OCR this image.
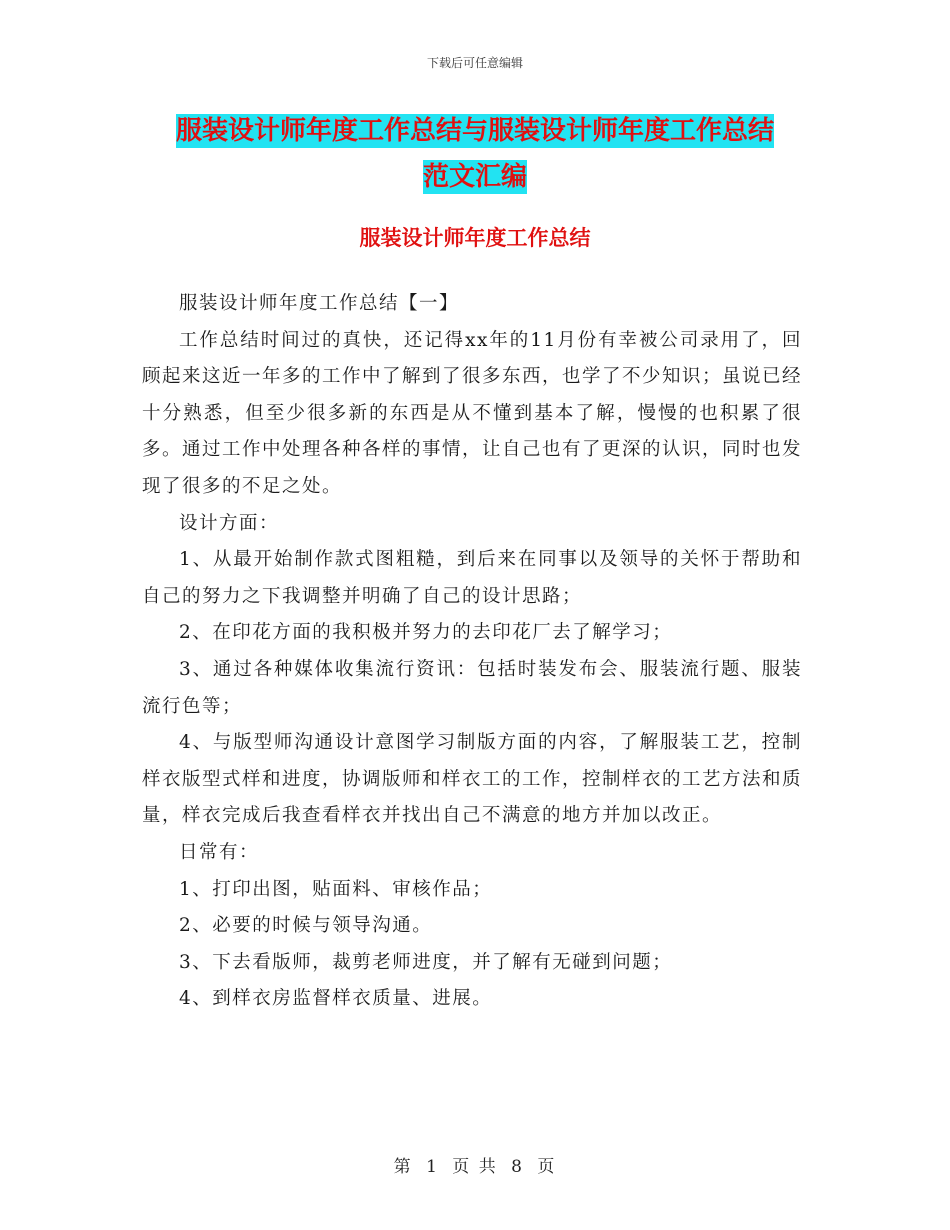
下载后可任意编辑
服装设计师年度工作总结与服装设计师年度工作总结
范文汇编
服装设计师年度工作总结

服装设计师年度工作总结【一】

工作总结时间过的真快，还记得xx年的11月份有幸被公司录用了，回顾起来这近一年多的工作中了解到了很多东西，也学了不少知识；虽说已经十分熟悉，但至少很多新的东西是从不懂到基本了解，慢慢的也积累了很多。通过工作中处理各种各样的事情，让自己也有了更深的认识，同时也发现了很多的不足之处。

设计方面：

1、从最开始制作款式图粗糙，到后来在同事以及领导的关怀于帮助和自己的努力之下我调整并明确了自己的设计思路；

2、在印花方面的我积极并努力的去印花厂去了解学习；

3、通过各种媒体收集流行资讯：包括时装发布会、服装流行题、服装流行色等；

4、与版型师沟通设计意图学习制版方面的内容，了解服装工艺，控制样衣版型式样和进度，协调版师和样衣工的工作，控制样衣的工艺方法和质量，样衣完成后我查看样衣并找出自己不满意的地方并加以改正。

日常有：

1、打印出图，贴面料、审核作品；

2、必要的时候与领导沟通。

3、下去看版师，裁剪老师进度，并了解有无碰到问题；

4、到样衣房监督样衣质量、进展。

第 1 页 共 8 页
